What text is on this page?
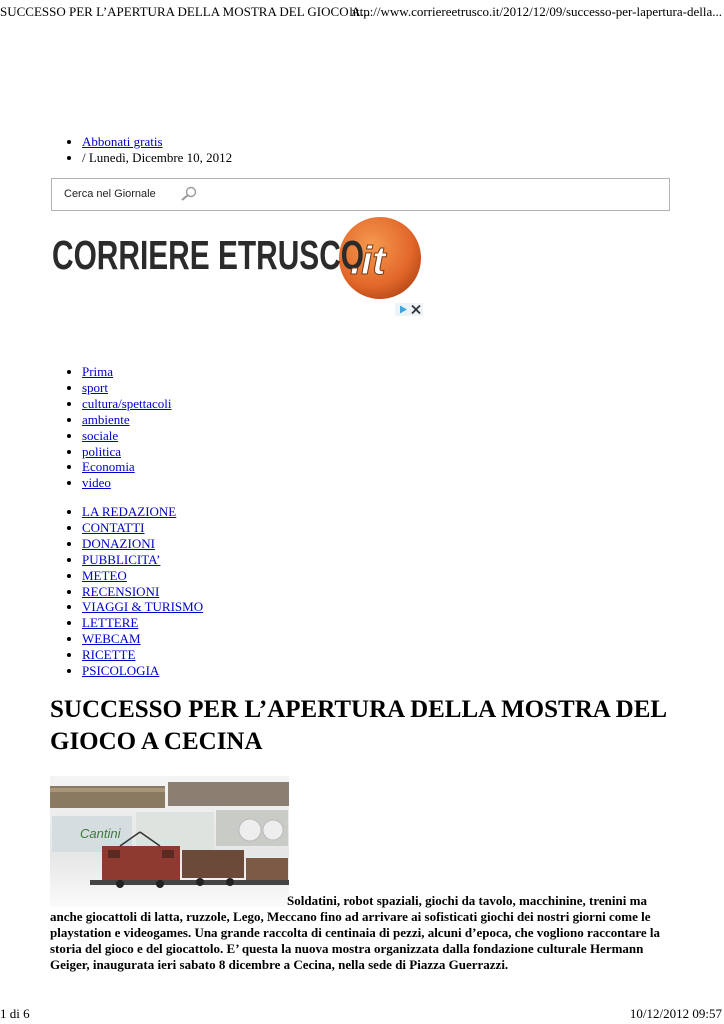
SUCCESSO PER L’APERTURA DELLA MOSTRA DEL GIOCO A...
http://www.corriereetrusco.it/2012/12/09/successo-per-lapertura-della...
• Abbonati gratis
• / Lunedì, Dicembre 10, 2012
Cerca nel Giornale
CORRIERE ETRUSCO
.it
• Prima
• sport
• cultura/spettacoli
• ambiente
• sociale
• politica
• Economia
• video
• LA REDAZIONE
• CONTATTI
• DONAZIONI
• PUBBLICITA’
• METEO
• RECENSIONI
• VIAGGI & TURISMO
• LETTERE
• WEBCAM
• RICETTE
• PSICOLOGIA
SUCCESSO PER L’APERTURA DELLA MOSTRA DEL GIOCO A CECINA
Cantini

Soldatini, robot spaziali, giochi da tavolo, macchinine, trenini ma anche giocattoli di latta, ruzzole, Lego, Meccano fino ad arrivare ai sofisticati giochi dei nostri giorni come le playstation e videogames. Una grande raccolta di centinaia di pezzi, alcuni d’epoca, che vogliono raccontare la storia del gioco e del giocattolo. E’ questa la nuova mostra organizzata dalla fondazione culturale Hermann Geiger, inaugurata ieri sabato 8 dicembre a Cecina, nella sede di Piazza Guerrazzi.

1 di 6	10/12/2012 09:57
